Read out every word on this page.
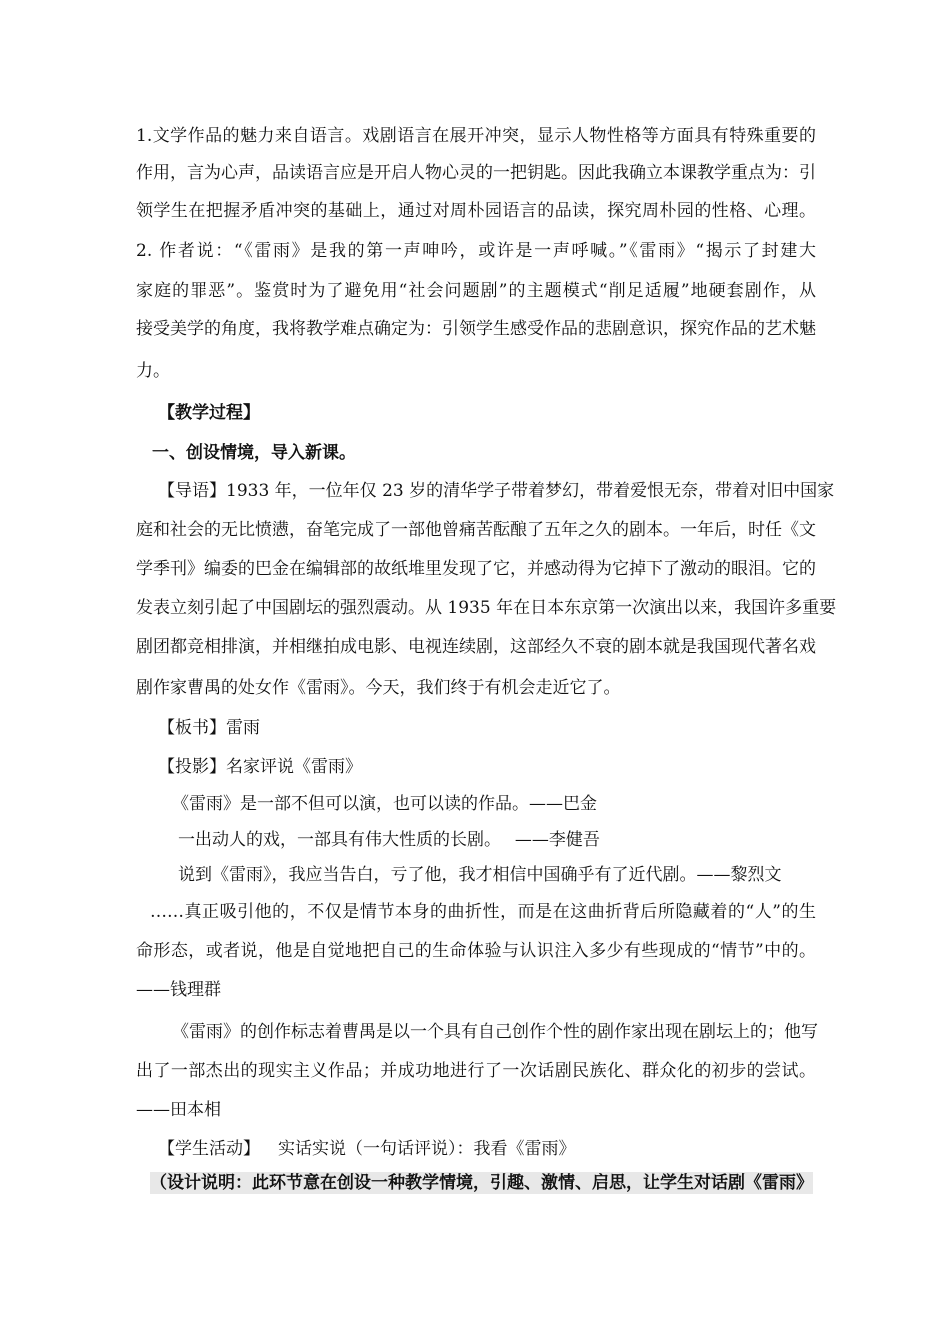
1.文学作品的魅力来自语言。戏剧语言在展开冲突，显示人物性格等方面具有特殊重要的
作用，言为心声，品读语言应是开启人物心灵的一把钥匙。因此我确立本课教学重点为：引
领学生在把握矛盾冲突的基础上，通过对周朴园语言的品读，探究周朴园的性格、心理。
2. 作者说：“《雷雨》是我的第一声呻吟，或许是一声呼喊。”《雷雨》“揭示了封建大
家庭的罪恶”。鉴赏时为了避免用“社会问题剧”的主题模式“削足适履”地硬套剧作，从
接受美学的角度，我将教学难点确定为：引领学生感受作品的悲剧意识，探究作品的艺术魅
力。
【教学过程】
一、创设情境，导入新课。
【导语】1933 年，一位年仅 23 岁的清华学子带着梦幻，带着爱恨无奈，带着对旧中国家
庭和社会的无比愤懑，奋笔完成了一部他曾痛苦酝酿了五年之久的剧本。一年后，时任《文
学季刊》编委的巴金在编辑部的故纸堆里发现了它，并感动得为它掉下了激动的眼泪。它的
发表立刻引起了中国剧坛的强烈震动。从 1935 年在日本东京第一次演出以来，我国许多重要
剧团都竞相排演，并相继拍成电影、电视连续剧，这部经久不衰的剧本就是我国现代著名戏
剧作家曹禺的处女作《雷雨》。今天，我们终于有机会走近它了。
【板书】雷雨
【投影】名家评说《雷雨》
《雷雨》是一部不但可以演，也可以读的作品。——巴金
一出动人的戏，一部具有伟大性质的长剧。　 ——李健吾
说到《雷雨》，我应当告白，亏了他，我才相信中国确乎有了近代剧。——黎烈文
……真正吸引他的，不仅是情节本身的曲折性，而是在这曲折背后所隐藏着的“人”的生
命形态，或者说，他是自觉地把自己的生命体验与认识注入多少有些现成的“情节”中的。
——钱理群
《雷雨》的创作标志着曹禺是以一个具有自己创作个性的剧作家出现在剧坛上的；他写
出了一部杰出的现实主义作品；并成功地进行了一次话剧民族化、群众化的初步的尝试。
——田本相
【学生活动】 实话实说（一句话评说）：我看《雷雨》
（设计说明：此环节意在创设一种教学情境，引趣、激情、启思，让学生对话剧《雷雨》
